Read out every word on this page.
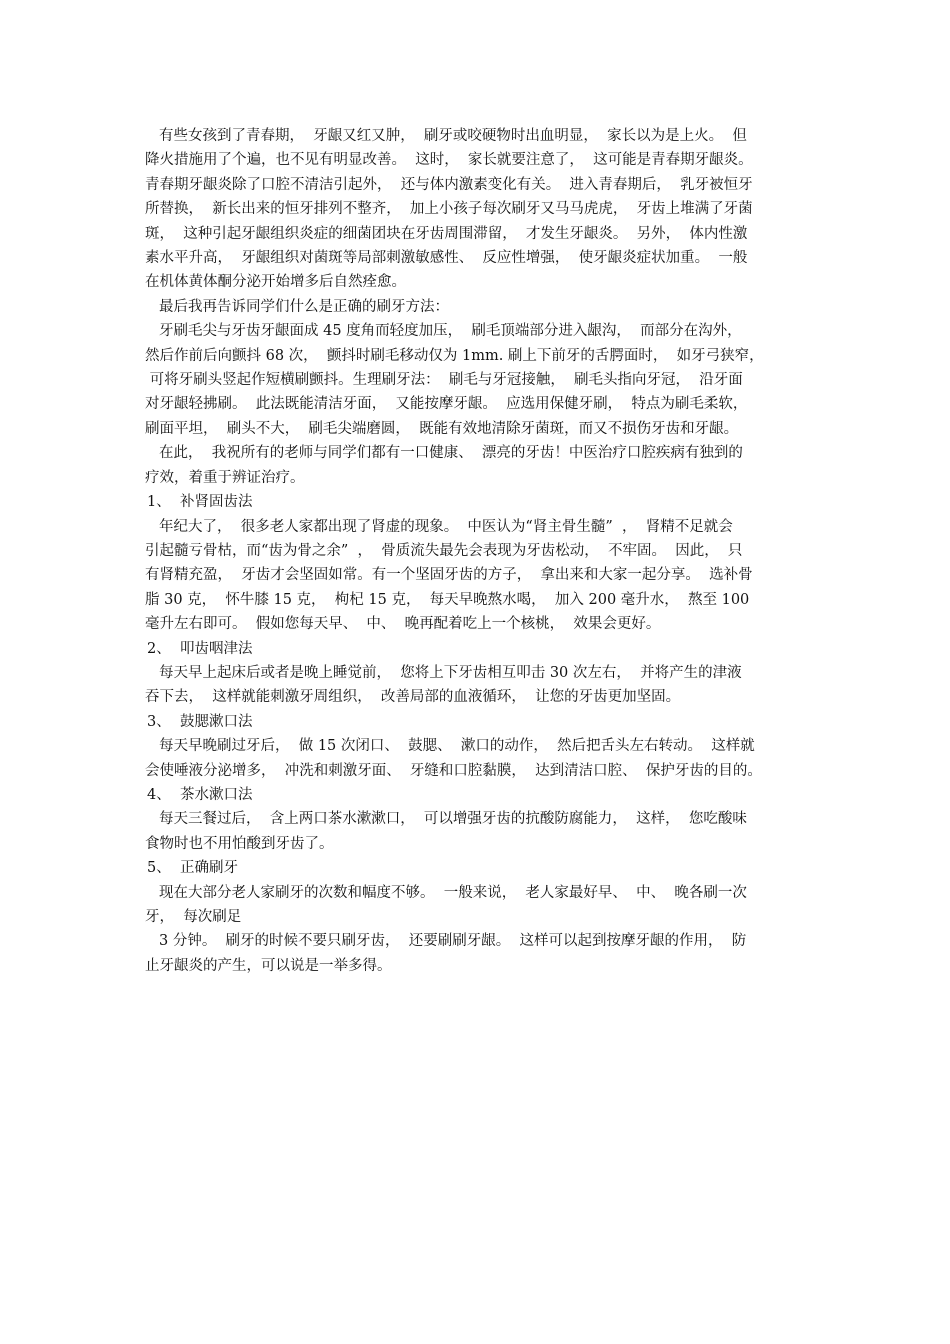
有些女孩到了青春期，  牙龈又红又肿，  刷牙或咬硬物时出血明显，  家长以为是上火。  但
降火措施用了个遍，也不见有明显改善。  这时，  家长就要注意了，  这可能是青春期牙龈炎。
青春期牙龈炎除了口腔不清洁引起外，  还与体内激素变化有关。  进入青春期后，  乳牙被恒牙
所替换，  新长出来的恒牙排列不整齐，  加上小孩子每次刷牙又马马虎虎，  牙齿上堆满了牙菌
斑，  这种引起牙龈组织炎症的细菌团块在牙齿周围滞留，  才发生牙龈炎。  另外，  体内性激
素水平升高，  牙龈组织对菌斑等局部刺激敏感性、  反应性增强，  使牙龈炎症状加重。  一般
在机体黄体酮分泌开始增多后自然痊愈。
最后我再告诉同学们什么是正确的刷牙方法：
牙刷毛尖与牙齿牙龈面成 45 度角而轻度加压，  刷毛顶端部分进入龈沟，  而部分在沟外，
然后作前后向颤抖 68 次，  颤抖时刷毛移动仅为 1mm. 刷上下前牙的舌腭面时，  如牙弓狭窄，
可将牙刷头竖起作短横刷颤抖。生理刷牙法：  刷毛与牙冠接触，  刷毛头指向牙冠，  沿牙面
对牙龈轻拂刷。  此法既能清洁牙面，  又能按摩牙龈。  应选用保健牙刷，  特点为刷毛柔软，
刷面平坦，  刷头不大，  刷毛尖端磨圆，  既能有效地清除牙菌斑，而又不损伤牙齿和牙龈。
在此，  我祝所有的老师与同学们都有一口健康、  漂亮的牙齿！中医治疗口腔疾病有独到的
疗效，着重于辨证治疗。
1、  补肾固齿法
年纪大了，  很多老人家都出现了肾虚的现象。  中医认为“肾主骨生髓”  ，  肾精不足就会
引起髓亏骨枯，而“齿为骨之余”  ，  骨质流失最先会表现为牙齿松动，  不牢固。  因此，  只
有肾精充盈，  牙齿才会坚固如常。有一个坚固牙齿的方子，  拿出来和大家一起分享。  选补骨
脂 30 克，  怀牛膝 15 克，  枸杞 15 克，  每天早晚熬水喝，  加入 200 毫升水，  熬至 100
毫升左右即可。  假如您每天早、  中、  晚再配着吃上一个核桃，  效果会更好。
2、  叩齿咽津法
每天早上起床后或者是晚上睡觉前，  您将上下牙齿相互叩击 30 次左右，  并将产生的津液
吞下去，  这样就能刺激牙周组织，  改善局部的血液循环，  让您的牙齿更加坚固。
3、  鼓腮漱口法
每天早晚刷过牙后，  做 15 次闭口、  鼓腮、  漱口的动作，  然后把舌头左右转动。  这样就
会使唾液分泌增多，  冲洗和刺激牙面、  牙缝和口腔黏膜，  达到清洁口腔、  保护牙齿的目的。
4、  茶水漱口法
每天三餐过后，  含上两口茶水漱漱口，  可以增强牙齿的抗酸防腐能力，  这样，  您吃酸味
食物时也不用怕酸到牙齿了。
5、  正确刷牙
现在大部分老人家刷牙的次数和幅度不够。  一般来说，  老人家最好早、  中、  晚各刷一次
牙，  每次刷足
3 分钟。  刷牙的时候不要只刷牙齿，  还要刷刷牙龈。  这样可以起到按摩牙龈的作用，  防
止牙龈炎的产生，可以说是一举多得。
